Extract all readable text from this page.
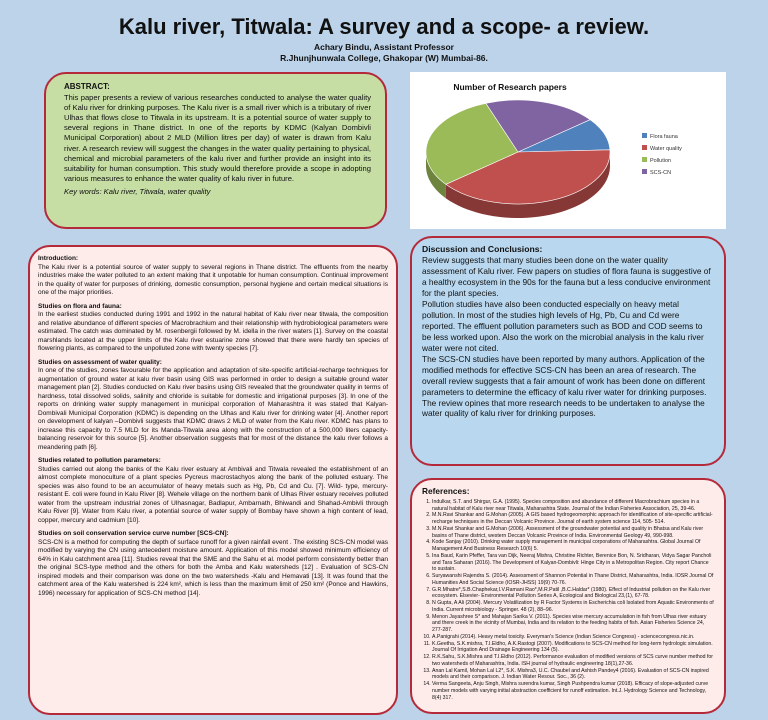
Kalu river, Titwala: A survey and a scope- a review.
Achary Bindu, Assistant Professor
R.Jhunjhunwala College, Ghakopar (W) Mumbai-86.
ABSTRACT:

This paper presents a review of various researches conducted to analyse the water quality of Kalu river for drinking purposes. The Kalu river is a small river which is a tributary of river Ulhas that flows close to Titwala in its upstream. It is a potential source of water supply to several regions in Thane district. In one of the reports by KDMC (Kalyan Dombivli Municipal Corporation) about 2 MLD (Million litres per day) of water is drawn from Kalu river. A research review will suggest the changes in the water quality pertaining to physical, chemical and microbial parameters of the kalu river and further provide an insight into its suitability for human consumption. This study would therefore provide a scope in adopting various measures to enhance the water quality of kalu river in future.

Key words: Kalu river, Titwala, water quality
Number of Research papers
Flora fauna
Water quality
Pollution
SCS-CN
Introduction:

The Kalu river is a potential source of water supply to several regions in Thane district. The effluents from the nearby industries make the water polluted to an extent making that it unpotable for human consumption. Continual improvement in the quality of water for purposes of drinking, domestic consumption, personal hygiene and certain medical situations is one of the major priorities.

Studies on flora and fauna:

In the earliest studies conducted during 1991 and 1992 in the natural habitat of Kalu river near titwala, the composition and relative abundance of different species of Macrobrachium and their relationship with hydrobiological parameters were estimated. The catch was dominated by M. rosenbergii followed by M. idella in the river waters [1]. Survey on the coastal marshlands located at the upper limits of the Kalu river estuarine zone showed that there were hardly ten species of flowering plants, as compared to the unpolluted zone with twenty species [7].

Studies on assessment of water quality:

In one of the studies, zones favourable for the application and adaptation of site-specific artificial-recharge techniques for augmentation of ground water at kalu river basin using GIS was performed in order to design a suitable ground water management plan [2]. Studies conducted on Kalu river basins using GIS revealed that the groundwater quality in terms of hardness, total dissolved solids, salinity and chloride is suitable for domestic and irrigational purposes [3]. In one of the reports on drinking water supply management in municipal corporation of Maharashtra it was stated that Kalyan-Dombivali Municipal Corporation (KDMC) is depending on the Ulhas and Kalu river for drinking water [4]. Another report on development of kalyan –Dombivli suggests that KDMC draws 2 MLD of water from the Kalu river. KDMC has plans to increase this capacity to 7.5 MLD for its Manda-Titwala area along with the construction of a 500,000 liters capacity-balancing reservoir for this source [5]. Another observation suggests that for most of the distance the kalu river follows a meandering path [6].

Studies related to pollution parameters:

Studies carried out along the banks of the Kalu river estuary at Ambivali and Titwala revealed the establishment of an almost complete monoculture of a plant species Pycreus macrostachyos along the bank of the polluted estuary. The species was also found to be an accumulator of heavy metals such as Hg, Pb, Cd and Cu. [7]. Wild- type, mercury-resistant E. coli were found in Kalu River [8]. Wehele village on the northern bank of Ulhas River estuary receives polluted water from the upstream industrial zones of Ulhasnagar, Badlapur, Ambarnath, Bhiwandi and Shahad-Ambivli through Kalu River [9]. Water from Kalu river, a potential source of water supply of Bombay have shown a high content of lead, copper, mercury and cadmium [10].

Studies on soil conservation service curve number [SCS-CN]:

SCS-CN is a method for computing the depth of surface runoff for a given rainfall event . The existing SCS-CN model was modified by varying the CN using antecedent moisture amount. Application of this model showed minimum efficiency of 64% in Kalu catchment area [11]. Studies reveal that the SME and the Sahu et al. model perform consistently better than the original SCS-type method and the others for both the Amba and Kalu watersheds [12] . Evaluation of SCS-CN inspired models and their comparison was done on the two watersheds -Kalu and Hemavati [13]. It was found that the catchment area of the Kalu watershed is 224 km², which is less than the maximum limit of 250 km² (Ponce and Hawkins, 1996) necessary for application of SCS-CN method [14].

Discussion and Conclusions:

Review suggests that many studies been done on the water quality assessment of Kalu river. Few papers on studies of flora fauna is suggestive of a healthy ecosystem in the 90s for the fauna but a less conducive environment for the plant species.

Pollution studies have also been conducted especially on heavy metal pollution. In most of the studies high levels of Hg, Pb, Cu and Cd were reported. The effluent pollution parameters such as BOD and COD seems to be less worked upon. Also the work on the microbial analysis in the kalu river water were not cited.

The SCS-CN studies have been reported by many authors. Application of the modified methods for effective SCS-CN has been an area of research. The overall review suggests that a fair amount of work has been done on different parameters to determine the efficacy of kalu river water for drinking purposes. The review opines that more research needs to be undertaken to analyse the water quality of kalu river for drinking purposes.

References:
1. Indulkar, S.T. and Shirgur, G.A. (1995). Species composition and abundance of different Macrobrachium species in a natural habitat of Kalu river near Titwala, Maharashtra State. Journal of the Indian Fisheries Association, 25, 39-46.
2. M.N.Ravi Shankar and G.Mohan (2005). A GIS based hydrogeomorphic approach for identification of site-specific artificial-recharge techniques in the Deccan Volcanic Province. Journal of earth system science 114, 505- 514.
3. M.N.Ravi Shankar and G.Mohan (2006). Assessment of the groundwater potential and quality in Bhatsa and Kalu river basins of Thane district, western Deccan Volcanic Province of India. Environmental Geology 49, 990-998.
4. Kode Sanjay (2010). Drinking water supply management in municipal corporations of Maharashtra. Global Journal Of Management And Business Research 10(6) 5.
5. Ina Baud, Karin Pfeffer, Tara van Dijk, Neeraj Mishra, Christine Richter, Berenice Bon, N. Sridharan, Vidya Sagar Pancholi and Tara Saharan (2016). The Development of Kalyan-Dombivli: Hinge City in a Metropolitan Region. City report Chance to sustain.
6. Suryawanshi Rajendra S. (2014). Assessment of Shannon Potential in Thane District, Maharashtra, India. IOSR Journal Of Humanities And Social Science (IOSR-JHSS) 19(9) 70-76.
7. G.R.Mhatre*,S.B.Chaphekar,I.V.Ramani Rao*,M.R.Patil ,B.C.Haldar* (1980). Effect of Industrial pollution on the Kalu river ecosystem. Elsevier- Environmental Pollution Series A, Ecological and Biological 23,(1), 67-78.
8. N Gupta, A Ali (2004). Mercury Volatilization by R Factor Systems in Escherichia coli Isolated from Aquatic Environments of India. Current microbiology - Springer. 48 (2), 88–96.
9. Menon Jayashree S* and Mahajan Sarika V. (2011). Species wise mercury accumulation in fish from Ulhas river estuary and there creek in the vicinity of Mumbai, India and its relation to the feeding habits of fish. Asian Fisheries Science 24, 277-287.
10. A.Panigrahi (2014). Heavy metal toxicity. Everyman's Science (Indian Science Congress) - sciencecongress.nic.in.
11. K.Geetha, S.K.mishra, T.I.Eldho, A.K.Rastogi (2007). Modifications to SCS-CN method for long-term hydrologic simulation. Journal Of Irrigation And Drainage Engineering 134 (5).
12. R.K.Sahu, S.K.Mishra and T.I.Eldho (2012). Performance evaluation of modified versions of SCS curve number method for two watersheds of Maharashtra, India. ISH journal of hydraulic engineering 18(1),27-36.
13. Anan Lal Kamil, Mohan Lal L2*, S.K. Mishra3, U.C. Chaubel and Ashish Pandey4 (2016). Evaluation of SCS-CN inspired models and their comparison. J. Indian Water Resour. Soc., 36 (2).
14. Verma Sangeeta, Anju Singh, Mishra surendra kumar, Singh Pushpendra kumar (2018). Efficacy of slope-adjusted curve number models with varying initial abstraction coefficient for runoff estimation. Int.J. Hydrology Science and Technology, 8(4) 317.
